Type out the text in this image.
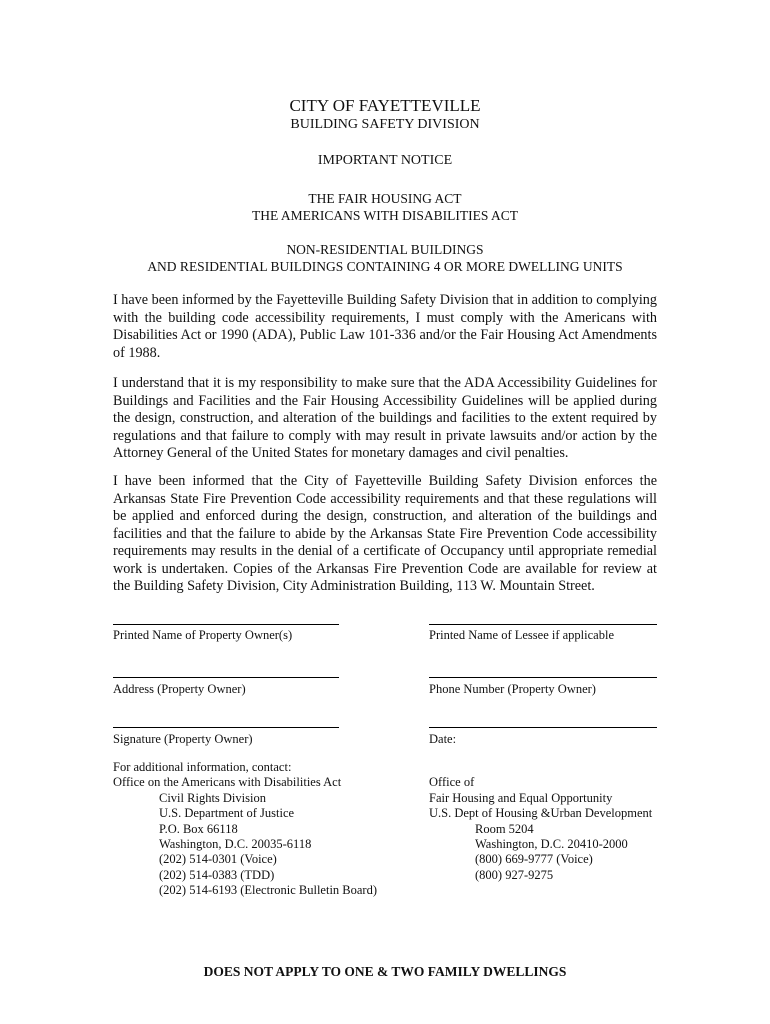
CITY OF FAYETTEVILLE
BUILDING SAFETY DIVISION
IMPORTANT NOTICE
THE FAIR HOUSING ACT
THE AMERICANS WITH DISABILITIES ACT
NON-RESIDENTIAL BUILDINGS
AND RESIDENTIAL BUILDINGS CONTAINING 4 OR MORE DWELLING UNITS
I have been informed by the Fayetteville Building Safety Division that in addition to complying with the building code accessibility requirements, I must comply with the Americans with Disabilities Act or 1990 (ADA), Public Law 101-336 and/or the Fair Housing Act Amendments of 1988.
I understand that it is my responsibility to make sure that the ADA Accessibility Guidelines for Buildings and Facilities and the Fair Housing Accessibility Guidelines will be applied during the design, construction, and alteration of the buildings and facilities to the extent required by regulations and that failure to comply with may result in private lawsuits and/or action by the Attorney General of the United States for monetary damages and civil penalties.
I have been informed that the City of Fayetteville Building Safety Division enforces the Arkansas State Fire Prevention Code accessibility requirements and that these regulations will be applied and enforced during the design, construction, and alteration of the buildings and facilities and that the failure to abide by the Arkansas State Fire Prevention Code accessibility requirements may results in the denial of a certificate of Occupancy until appropriate remedial work is undertaken. Copies of the Arkansas Fire Prevention Code are available for review at the Building Safety Division, City Administration Building, 113 W. Mountain Street.
Printed Name of Property Owner(s)	Printed Name of Lessee if applicable
Address (Property Owner)	Phone Number (Property Owner)
Signature (Property Owner)	Date:
For additional information, contact:
Office on the Americans with Disabilities Act
Civil Rights Division
U.S. Department of Justice
P.O. Box 66118
Washington, D.C. 20035-6118
(202) 514-0301 (Voice)
(202) 514-0383 (TDD)
(202) 514-6193 (Electronic Bulletin Board)
Office of
Fair Housing and Equal Opportunity
U.S. Dept of Housing &Urban Development
Room 5204
Washington, D.C. 20410-2000
(800) 669-9777 (Voice)
(800) 927-9275
DOES NOT APPLY TO ONE & TWO FAMILY DWELLINGS
